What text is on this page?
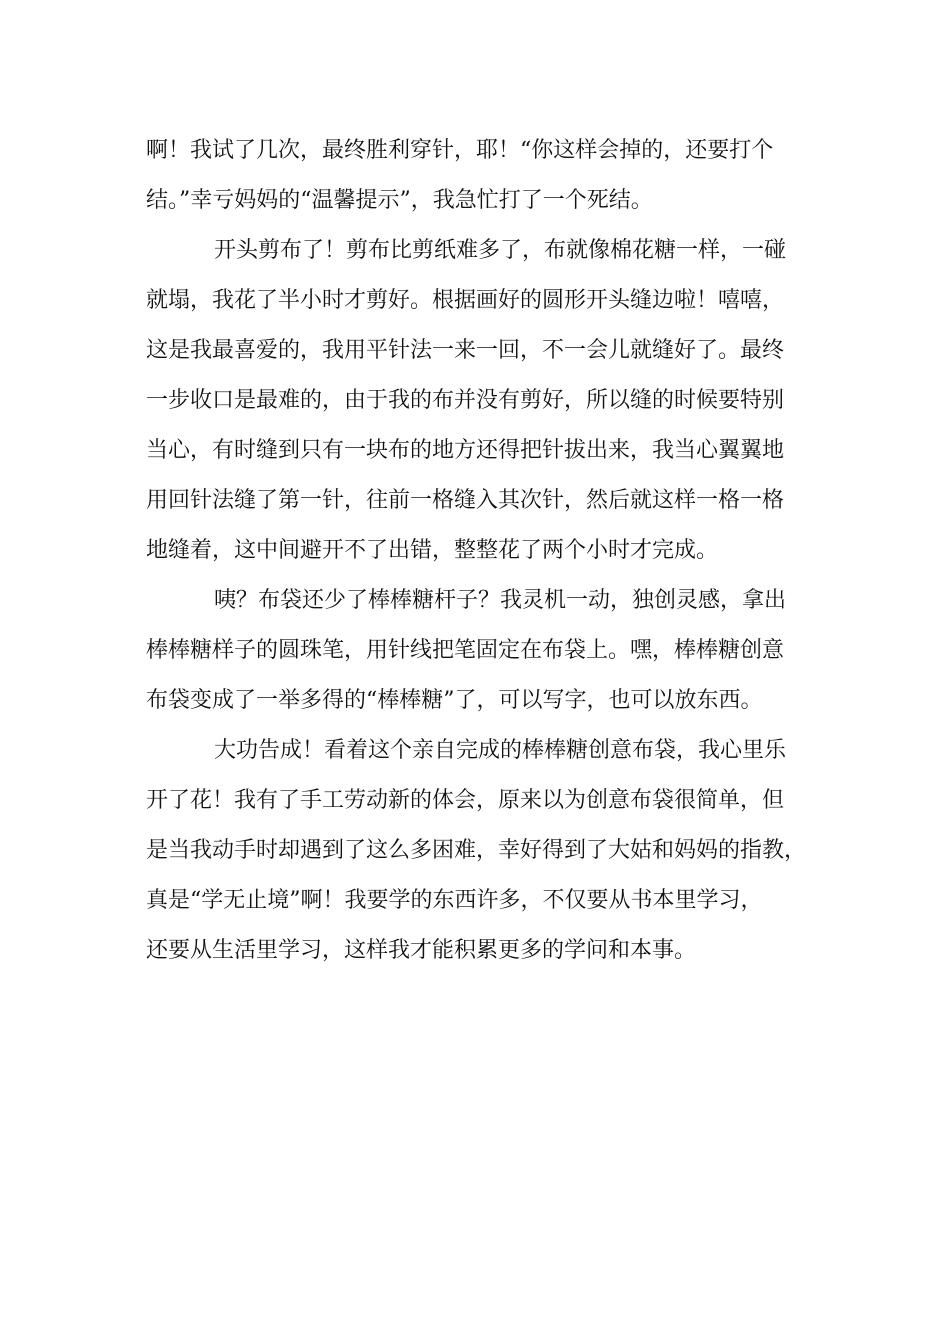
啊！我试了几次，最终胜利穿针，耶！“你这样会掉的，还要打个

结。”幸亏妈妈的“温馨提示”，我急忙打了一个死结。

开头剪布了！剪布比剪纸难多了，布就像棉花糖一样，一碰

就塌，我花了半小时才剪好。根据画好的圆形开头缝边啦！嘻嘻，

这是我最喜爱的，我用平针法一来一回，不一会儿就缝好了。最终

一步收口是最难的，由于我的布并没有剪好，所以缝的时候要特别

当心，有时缝到只有一块布的地方还得把针拔出来，我当心翼翼地

用回针法缝了第一针，往前一格缝入其次针，然后就这样一格一格

地缝着，这中间避开不了出错，整整花了两个小时才完成。

咦？布袋还少了棒棒糖杆子？我灵机一动，独创灵感，拿出

棒棒糖样子的圆珠笔，用针线把笔固定在布袋上。嘿，棒棒糖创意

布袋变成了一举多得的“棒棒糖”了，可以写字，也可以放东西。

大功告成！看着这个亲自完成的棒棒糖创意布袋，我心里乐

开了花！我有了手工劳动新的体会，原来以为创意布袋很简单，但

是当我动手时却遇到了这么多困难，幸好得到了大姑和妈妈的指教，

真是“学无止境”啊！我要学的东西许多，不仅要从书本里学习，

还要从生活里学习，这样我才能积累更多的学问和本事。
